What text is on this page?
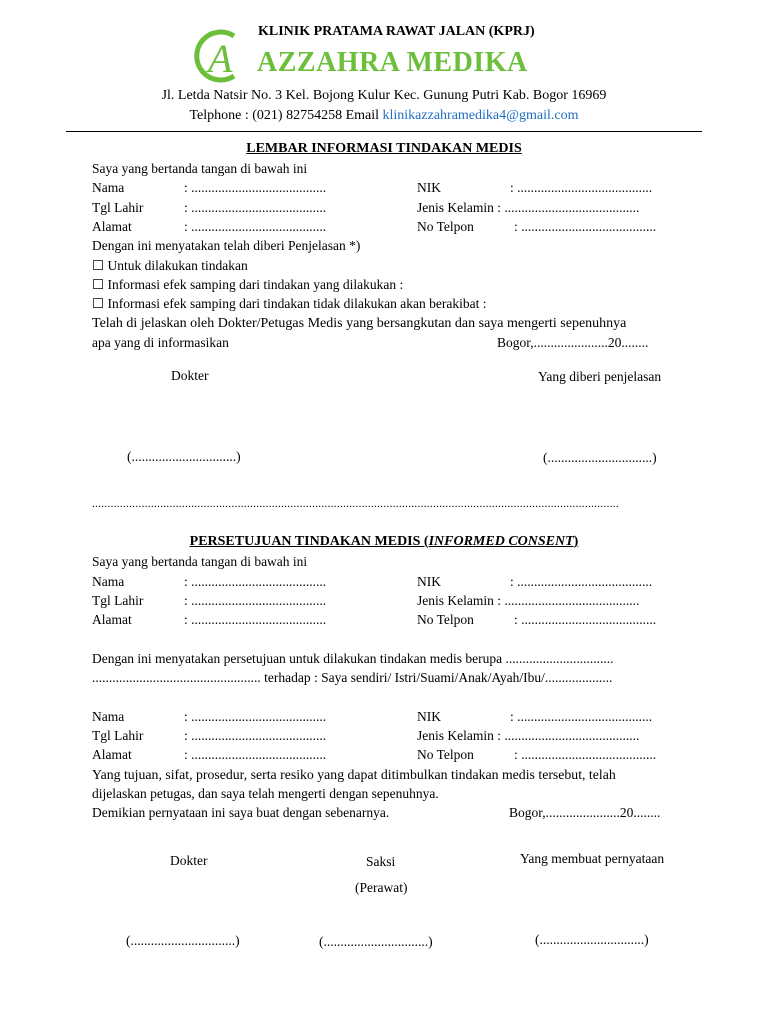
A
KLINIK PRATAMA RAWAT JALAN (KPRJ)
AZZAHRA MEDIKA
Jl. Letda Natsir No. 3 Kel. Bojong Kulur Kec. Gunung Putri Kab. Bogor 16969
Telphone : (021) 82754258 Email klinikazzahramedika4@gmail.com
LEMBAR INFORMASI TINDAKAN MEDIS
Saya yang bertanda tangan di bawah ini
Nama	: ........................................	NIK	: ........................................
Tgl Lahir	: ........................................	Jenis Kelamin : ........................................
Alamat	: ........................................	No Telpon	: ........................................
Dengan ini menyatakan telah diberi Penjelasan *)
☐ Untuk dilakukan tindakan
☐ Informasi efek samping dari tindakan yang dilakukan :
☐ Informasi efek samping dari tindakan tidak dilakukan akan berakibat :
Telah di jelaskan oleh Dokter/Petugas Medis yang bersangkutan dan saya mengerti sepenuhnya
apa yang di informasikan	Bogor,......................20........
Dokter	Yang diberi penjelasan
(...............................)	(...............................)
..........................................................................................................................................................................
PERSETUJUAN TINDAKAN MEDIS (INFORMED CONSENT)
Saya yang bertanda tangan di bawah ini
Nama	: ........................................	NIK	: ........................................
Tgl Lahir	: ........................................	Jenis Kelamin : ........................................
Alamat	: ........................................	No Telpon	: ........................................
Dengan ini menyatakan persetujuan untuk dilakukan tindakan medis berupa ................................
.................................................. terhadap : Saya sendiri/ Istri/Suami/Anak/Ayah/Ibu/....................
Nama	: ........................................	NIK	: ........................................
Tgl Lahir	: ........................................	Jenis Kelamin : ........................................
Alamat	: ........................................	No Telpon	: ........................................
Yang tujuan, sifat, prosedur, serta resiko yang dapat ditimbulkan tindakan medis tersebut, telah
dijelaskan petugas, dan saya telah mengerti dengan sepenuhnya.
Demikian pernyataan ini saya buat dengan sebenarnya.	Bogor,......................20........
Dokter	Saksi	Yang membuat pernyataan
(Perawat)
(...............................)	(...............................)	(...............................)
